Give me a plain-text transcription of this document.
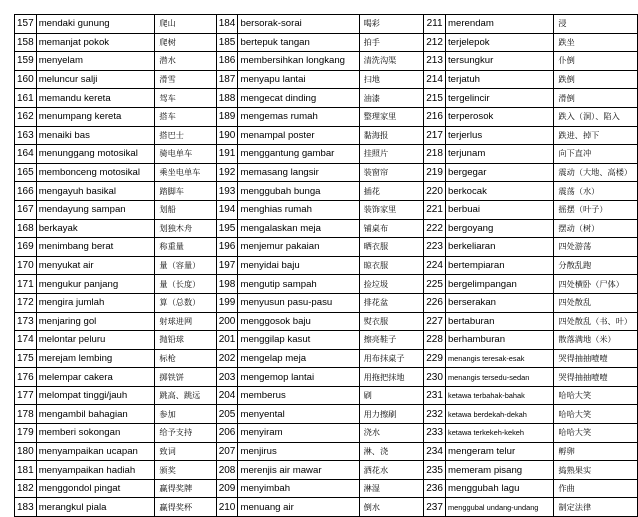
157	mendaki gunung	爬山	184	bersorak-sorai	喝彩	211	merendam	浸
158	memanjat pokok	爬树	185	bertepuk tangan	拍手	212	terjelepok	跌坐
159	menyelam	潜水	186	membersihkan longkang	清洗沟渠	213	tersungkur	仆倒
160	meluncur salji	滑雪	187	menyapu lantai	扫地	214	terjatuh	跌倒
161	memandu kereta	驾车	188	mengecat dinding	油漆	215	tergelincir	滑倒
162	menumpang kereta	搭车	189	mengemas rumah	整理家里	216	terperosok	跌入（洞）、陷入
163	menaiki bas	搭巴士	190	menampal poster	黏海报	217	terjerlus	跌进、掉下
164	menunggang motosikal	骑电单车	191	menggantung gambar	挂照片	218	terjunam	向下直冲
165	membonceng motosikal	乘坐电单车	192	memasang langsir	装窗帘	219	bergegar	震动（大地、高楼）
166	mengayuh basikal	踏脚车	193	menggubah bunga	插花	220	berkocak	震荡（水）
167	mendayung sampan	划船	194	menghias rumah	装饰家里	221	berbuai	摇摆（叶子）
168	berkayak	划独木舟	195	mengalaskan meja	铺桌布	222	bergoyang	摆动（树）
169	menimbang berat	称重量	196	menjemur pakaian	晒衣服	223	berkeliaran	四处游荡
170	menyukat air	量（容量）	197	menyidai baju	晾衣服	224	bertempiaran	分散乱跑
171	mengukur panjang	量（长度）	198	mengutip sampah	捡垃圾	225	bergelimpangan	四处横卧（尸体）
172	mengira jumlah	算（总数）	199	menyusun pasu-pasu	排花盆	226	berserakan	四处散乱
173	menjaring gol	射球进网	200	menggosok baju	熨衣服	227	bertaburan	四处散乱（书、叶）
174	melontar peluru	抛铅球	201	menggilap kasut	擦亮鞋子	228	berhamburan	散落满地（米）
175	merejam lembing	标枪	202	mengelap meja	用布抹桌子	229	menangis teresak-esak	哭得抽抽噎噎
176	melempar cakera	掷铁饼	203	mengemop lantai	用拖把抹地	230	menangis tersedu-sedan	哭得抽抽噎噎
177	melompat tinggi/jauh	跳高、跳远	204	memberus	刷	231	ketawa terbahak-bahak	哈哈大笑
178	mengambil bahagian	参加	205	menyental	用力擦刷	232	ketawa berdekah-dekah	哈哈大笑
179	memberi sokongan	给予支持	206	menyiram	浇水	233	ketawa terkekeh-kekeh	哈哈大笑
180	menyampaikan ucapan	致词	207	menjirus	淋、浇	234	mengeram telur	孵卵
181	menyampaikan hadiah	颁奖	208	merenjis air mawar	洒花水	235	memeram pisang	捣熟果实
182	menggondol pingat	赢得奖牌	209	menyimbah	淋湿	236	menggubah lagu	作曲
183	merangkul piala	赢得奖杯	210	menuang air	倒水	237	menggubal undang-undang	制定法律
